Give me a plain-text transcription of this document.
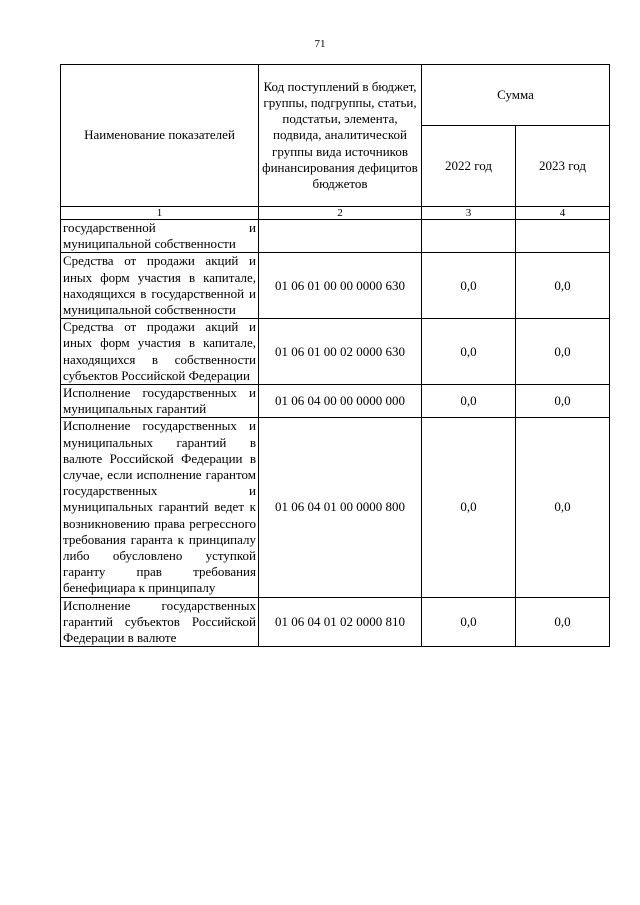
71
Наименование показателей	Код поступлений в бюджет, группы, подгруппы, статьи, подстатьи, элемента, подвида, аналитической группы вида источников финансирования дефицитов бюджетов	Сумма	
		2022 год	2023 год
1	2	3	4
государственной и муниципальной собственности			
Средства от продажи акций и иных форм участия в капитале, находящихся в государственной и муниципальной собственности	01 06 01 00 00 0000 630	0,0	0,0
Средства от продажи акций и иных форм участия в капитале, находящихся в собственности субъектов Российской Федерации	01 06 01 00 02 0000 630	0,0	0,0
Исполнение государственных и муниципальных гарантий	01 06 04 00 00 0000 000	0,0	0,0
Исполнение государственных и муниципальных гарантий в валюте Российской Федерации в случае, если исполнение гарантом государственных и муниципальных гарантий ведет к возникновению права регрессного требования гаранта к принципалу либо обусловлено уступкой гаранту прав требования бенефициара к принципалу	01 06 04 01 00 0000 800	0,0	0,0
Исполнение государственных гарантий субъектов Российской Федерации в валюте	01 06 04 01 02 0000 810	0,0	0,0
